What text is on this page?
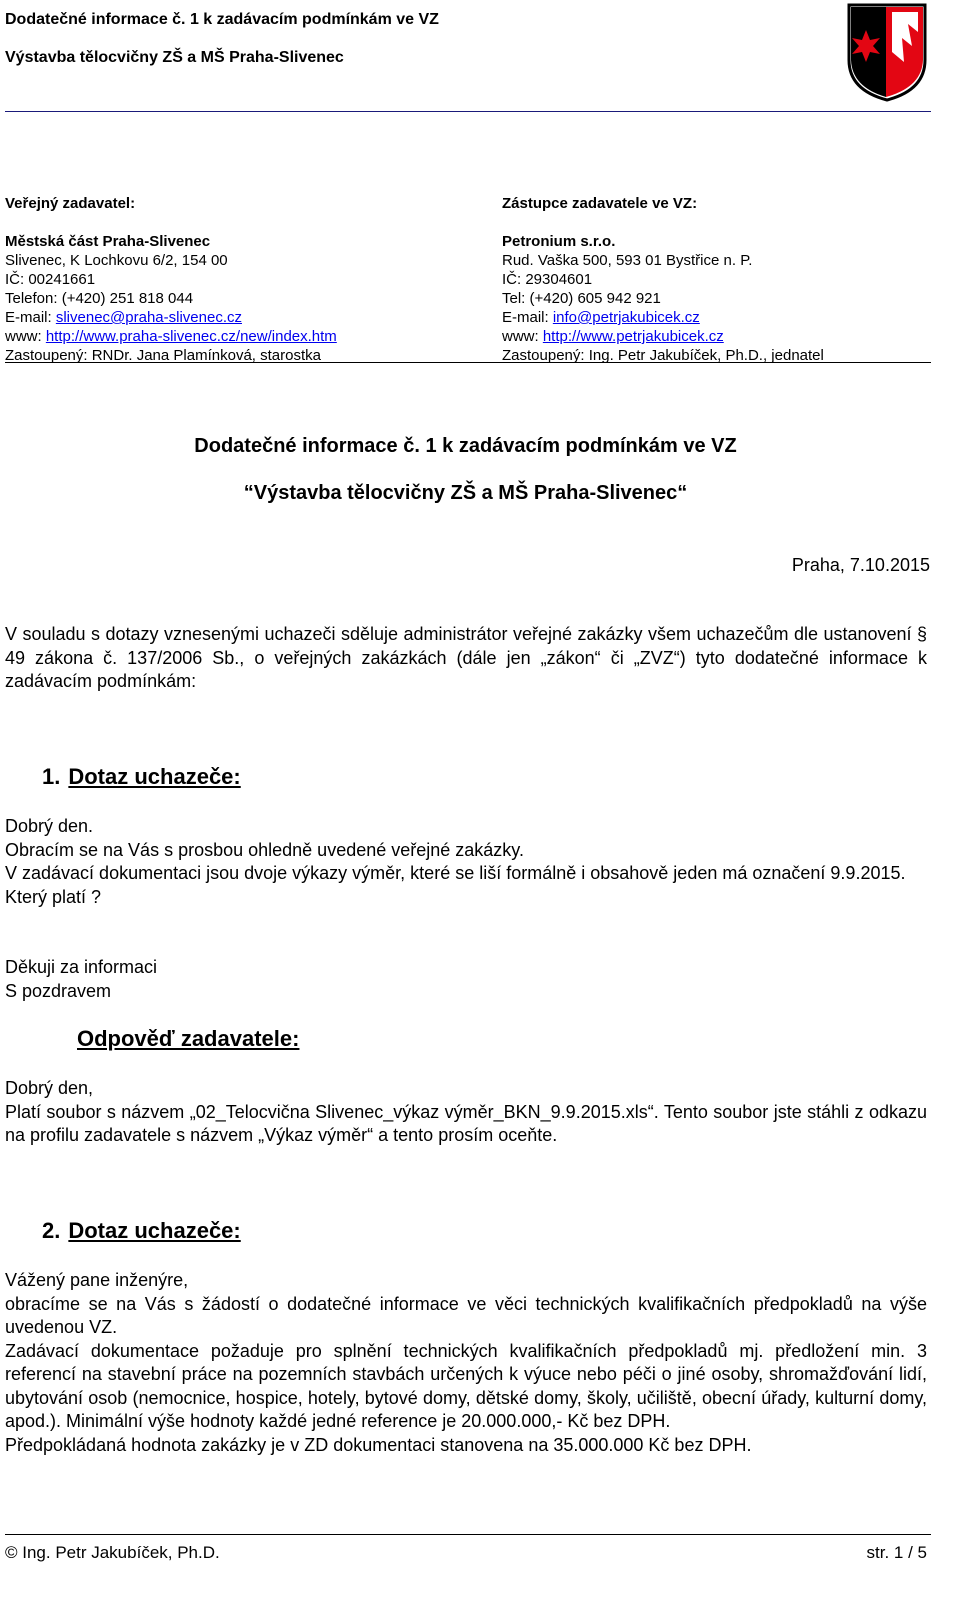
Dodatečné informace č. 1 k zadávacím podmínkám ve VZ
Výstavba tělocvičny ZŠ a MŠ Praha-Slivenec
Veřejný zadavatel:
Městská část Praha-Slivenec
Slivenec, K Lochkovu 6/2, 154 00
IČ: 00241661
Telefon: (+420) 251 818 044
E-mail: slivenec@praha-slivenec.cz
www: http://www.praha-slivenec.cz/new/index.htm
Zastoupený: RNDr. Jana Plamínková, starostka
Zástupce zadavatele ve VZ:
Petronium s.r.o.
Rud. Vaška 500, 593 01 Bystřice n. P.
IČ: 29304601
Tel: (+420) 605 942 921
E-mail: info@petrjakubicek.cz
www: http://www.petrjakubicek.cz
Zastoupený: Ing. Petr Jakubíček, Ph.D., jednatel
Dodatečné informace č. 1 k zadávacím podmínkám ve VZ
“Výstavba tělocvičny ZŠ a MŠ Praha-Slivenec“
Praha, 7.10.2015
V souladu s dotazy vznesenými uchazeči sděluje administrátor veřejné zakázky všem uchazečům dle ustanovení § 49 zákona č. 137/2006 Sb., o veřejných zakázkách (dále jen „zákon“ či „ZVZ“) tyto dodatečné informace k zadávacím podmínkám:
1. Dotaz uchazeče:
Dobrý den.
Obracím se na Vás s prosbou ohledně uvedené veřejné zakázky.
V zadávací dokumentaci jsou dvoje výkazy výměr, které se liší formálně i obsahově jeden má označení 9.9.2015.
Který platí ?
Děkuji za informaci
S pozdravem
Odpověď zadavatele:
Dobrý den,
Platí soubor s názvem „02_Telocvična Slivenec_výkaz výměr_BKN_9.9.2015.xls“. Tento soubor jste stáhli z odkazu na profilu zadavatele s názvem „Výkaz výměr“ a tento prosím oceňte.
2. Dotaz uchazeče:
Vážený pane inženýre,
obracíme se na Vás s žádostí o dodatečné informace ve věci technických kvalifikačních předpokladů na výše uvedenou VZ.
Zadávací dokumentace požaduje pro splnění technických kvalifikačních předpokladů mj. předložení min. 3 referencí na stavební práce na pozemních stavbách určených k výuce nebo péči o jiné osoby, shromažďování lidí, ubytování osob (nemocnice, hospice, hotely, bytové domy, dětské domy, školy, učiliště, obecní úřady, kulturní domy, apod.). Minimální výše hodnoty každé jedné reference je 20.000.000,- Kč bez DPH.
Předpokládaná hodnota zakázky je v ZD dokumentaci stanovena na 35.000.000 Kč bez DPH.
© Ing. Petr Jakubíček, Ph.D.	str. 1 / 5
